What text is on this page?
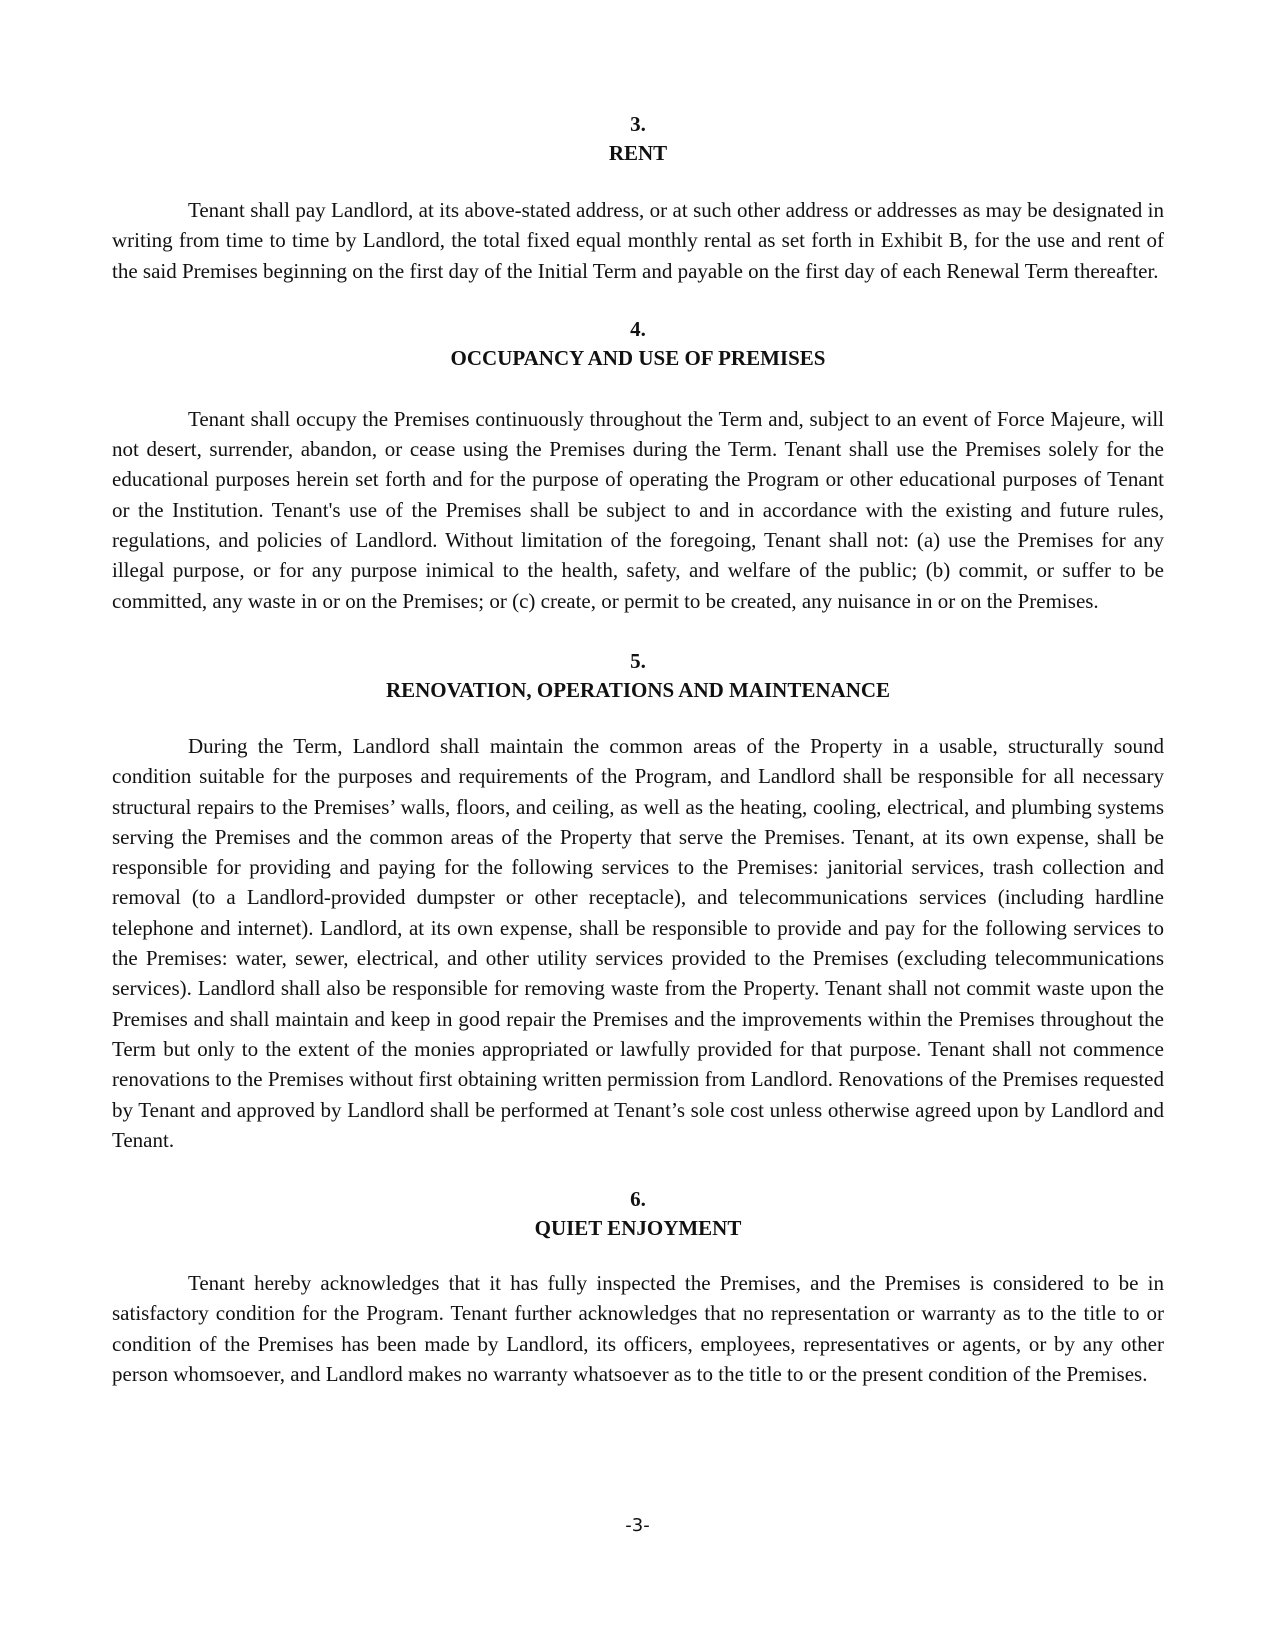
3.
RENT

Tenant shall pay Landlord, at its above-stated address, or at such other address or addresses as may be designated in writing from time to time by Landlord, the total fixed equal monthly rental as set forth in Exhibit B, for the use and rent of the said Premises beginning on the first day of the Initial Term and payable on the first day of each Renewal Term thereafter.

4.
OCCUPANCY AND USE OF PREMISES

Tenant shall occupy the Premises continuously throughout the Term and, subject to an event of Force Majeure, will not desert, surrender, abandon, or cease using the Premises during the Term. Tenant shall use the Premises solely for the educational purposes herein set forth and for the purpose of operating the Program or other educational purposes of Tenant or the Institution. Tenant's use of the Premises shall be subject to and in accordance with the existing and future rules, regulations, and policies of Landlord. Without limitation of the foregoing, Tenant shall not: (a) use the Premises for any illegal purpose, or for any purpose inimical to the health, safety, and welfare of the public; (b) commit, or suffer to be committed, any waste in or on the Premises; or (c) create, or permit to be created, any nuisance in or on the Premises.

5.
RENOVATION, OPERATIONS AND MAINTENANCE

During the Term, Landlord shall maintain the common areas of the Property in a usable, structurally sound condition suitable for the purposes and requirements of the Program, and Landlord shall be responsible for all necessary structural repairs to the Premises’ walls, floors, and ceiling, as well as the heating, cooling, electrical, and plumbing systems serving the Premises and the common areas of the Property that serve the Premises. Tenant, at its own expense, shall be responsible for providing and paying for the following services to the Premises: janitorial services, trash collection and removal (to a Landlord-provided dumpster or other receptacle), and telecommunications services (including hardline telephone and internet). Landlord, at its own expense, shall be responsible to provide and pay for the following services to the Premises: water, sewer, electrical, and other utility services provided to the Premises (excluding telecommunications services). Landlord shall also be responsible for removing waste from the Property. Tenant shall not commit waste upon the Premises and shall maintain and keep in good repair the Premises and the improvements within the Premises throughout the Term but only to the extent of the monies appropriated or lawfully provided for that purpose. Tenant shall not commence renovations to the Premises without first obtaining written permission from Landlord. Renovations of the Premises requested by Tenant and approved by Landlord shall be performed at Tenant’s sole cost unless otherwise agreed upon by Landlord and Tenant.

6.
QUIET ENJOYMENT

Tenant hereby acknowledges that it has fully inspected the Premises, and the Premises is considered to be in satisfactory condition for the Program. Tenant further acknowledges that no representation or warranty as to the title to or condition of the Premises has been made by Landlord, its officers, employees, representatives or agents, or by any other person whomsoever, and Landlord makes no warranty whatsoever as to the title to or the present condition of the Premises.

-3-
